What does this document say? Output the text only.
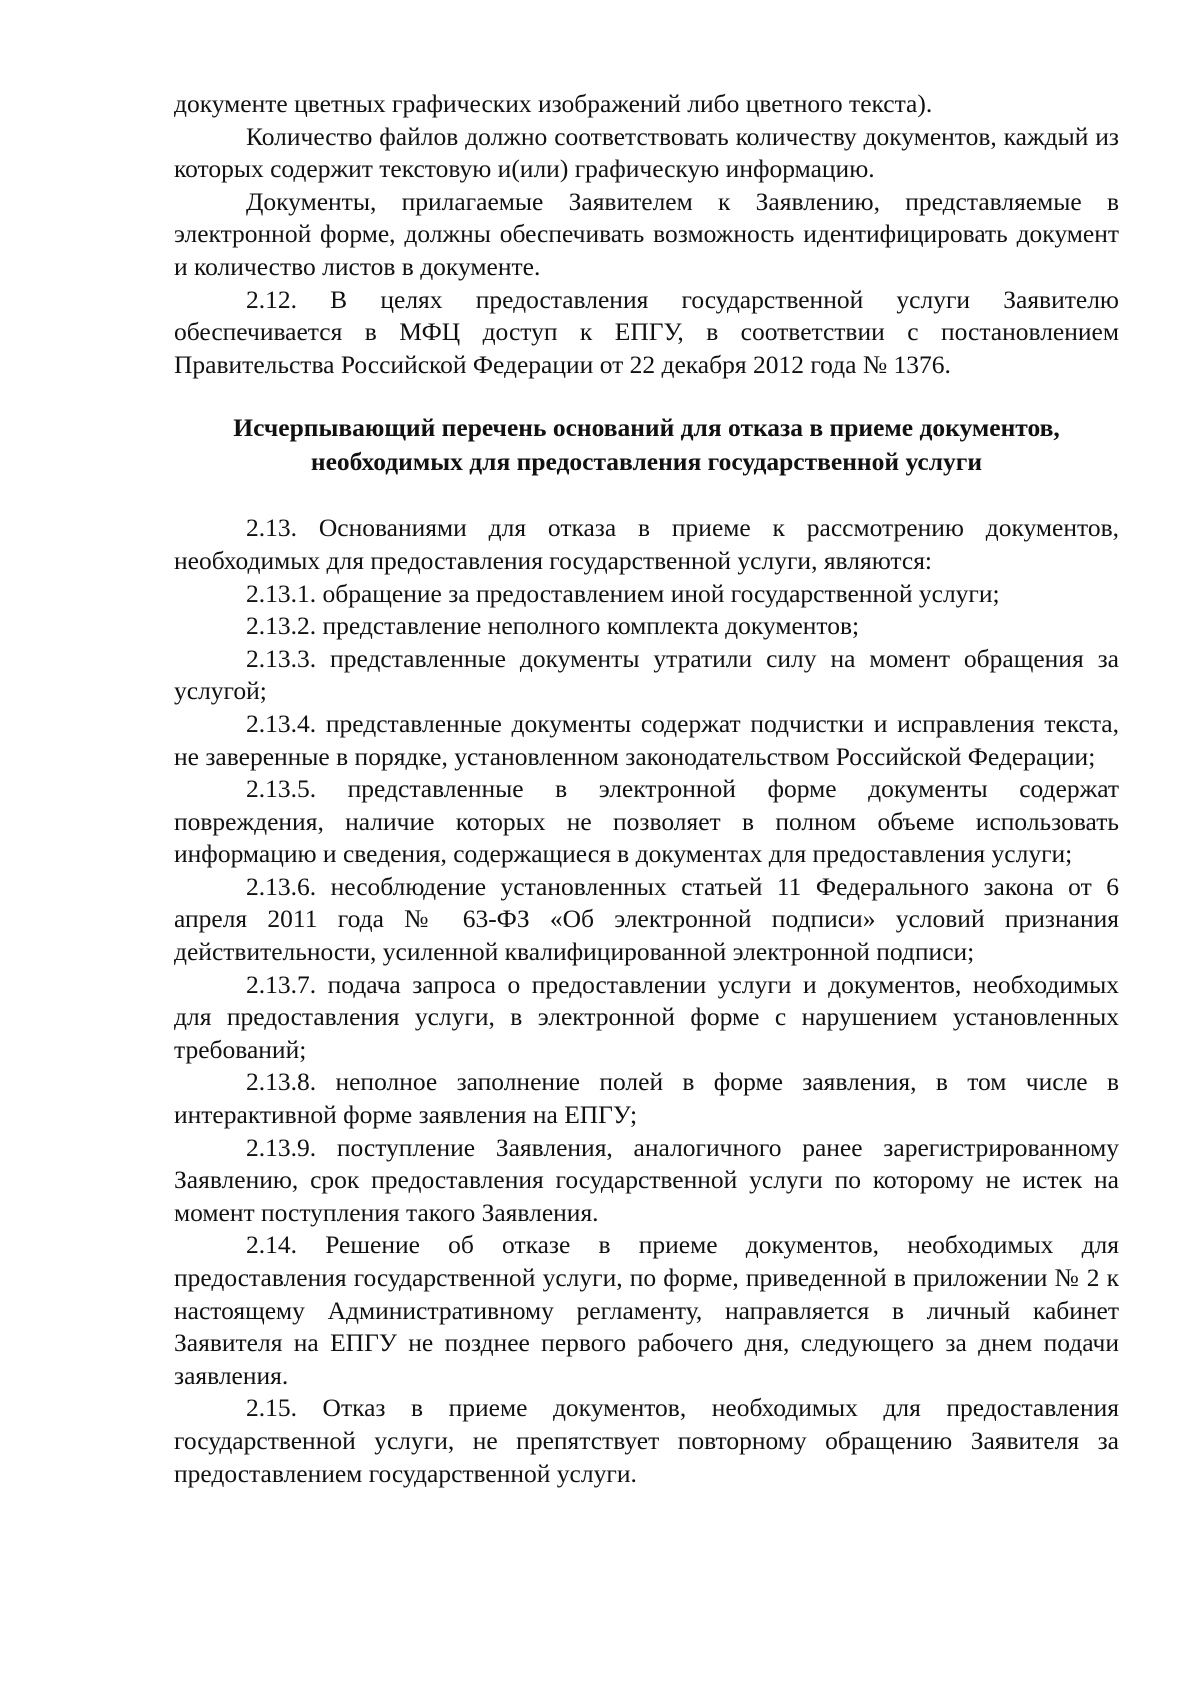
документе цветных графических изображений либо цветного текста).

Количество файлов должно соответствовать количеству документов, каждый из которых содержит текстовую и(или) графическую информацию.

Документы, прилагаемые Заявителем к Заявлению, представляемые в электронной форме, должны обеспечивать возможность идентифицировать документ и количество листов в документе.

2.12. В целях предоставления государственной услуги Заявителю обеспечивается в МФЦ доступ к ЕПГУ, в соответствии с постановлением Правительства Российской Федерации от 22 декабря 2012 года № 1376.

Исчерпывающий перечень оснований для отказа в приеме документов,
необходимых для предоставления государственной услуги

2.13. Основаниями для отказа в приеме к рассмотрению документов, необходимых для предоставления государственной услуги, являются:

2.13.1. обращение за предоставлением иной государственной услуги;

2.13.2. представление неполного комплекта документов;

2.13.3. представленные документы утратили силу на момент обращения за услугой;

2.13.4. представленные документы содержат подчистки и исправления текста, не заверенные в порядке, установленном законодательством Российской Федерации;

2.13.5. представленные в электронной форме документы содержат повреждения, наличие которых не позволяет в полном объеме использовать информацию и сведения, содержащиеся в документах для предоставления услуги;

2.13.6. несоблюдение установленных статьей 11 Федерального закона от 6 апреля 2011 года № 63-ФЗ «Об электронной подписи» условий признания действительности, усиленной квалифицированной электронной подписи;

2.13.7. подача запроса о предоставлении услуги и документов, необходимых для предоставления услуги, в электронной форме с нарушением установленных требований;

2.13.8. неполное заполнение полей в форме заявления, в том числе в интерактивной форме заявления на ЕПГУ;

2.13.9. поступление Заявления, аналогичного ранее зарегистрированному Заявлению, срок предоставления государственной услуги по которому не истек на момент поступления такого Заявления.

2.14. Решение об отказе в приеме документов, необходимых для предоставления государственной услуги, по форме, приведенной в приложении № 2 к настоящему Административному регламенту, направляется в личный кабинет Заявителя на ЕПГУ не позднее первого рабочего дня, следующего за днем подачи заявления.

2.15. Отказ в приеме документов, необходимых для предоставления государственной услуги, не препятствует повторному обращению Заявителя за предоставлением государственной услуги.
